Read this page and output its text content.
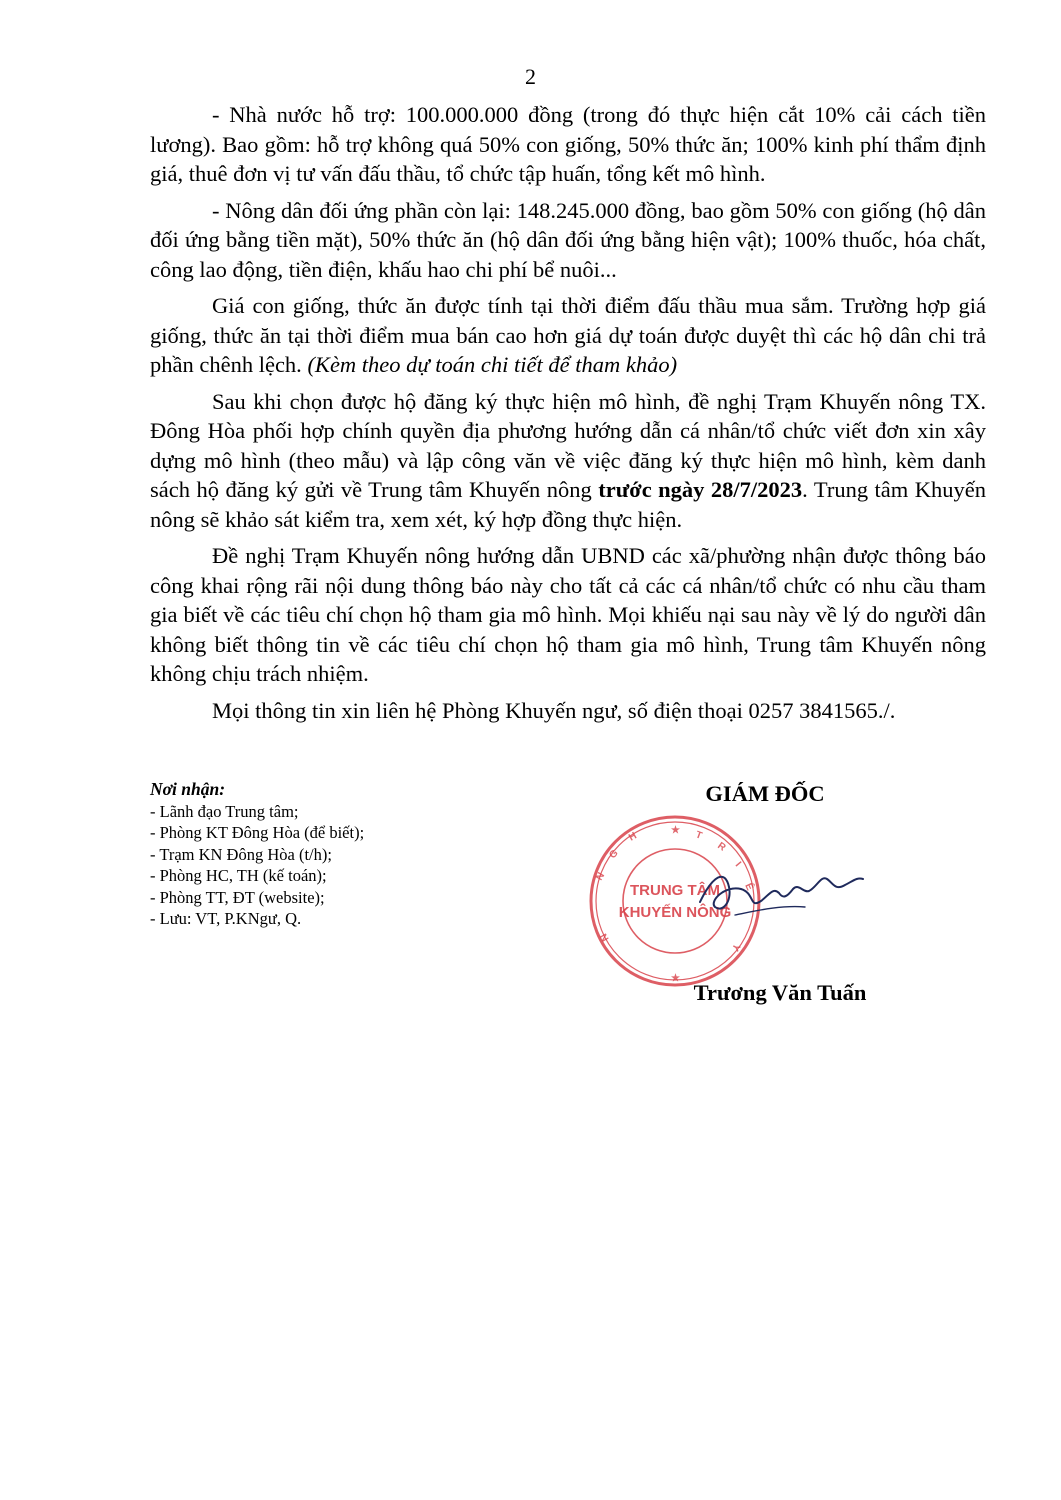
2

- Nhà nước hỗ trợ: 100.000.000 đồng (trong đó thực hiện cắt 10% cải cách tiền lương). Bao gồm: hỗ trợ không quá 50% con giống, 50% thức ăn; 100% kinh phí thẩm định giá, thuê đơn vị tư vấn đấu thầu, tổ chức tập huấn, tổng kết mô hình.

- Nông dân đối ứng phần còn lại: 148.245.000 đồng, bao gồm 50% con giống (hộ dân đối ứng bằng tiền mặt), 50% thức ăn (hộ dân đối ứng bằng hiện vật); 100% thuốc, hóa chất, công lao động, tiền điện, khấu hao chi phí bể nuôi...

Giá con giống, thức ăn được tính tại thời điểm đấu thầu mua sắm. Trường hợp giá giống, thức ăn tại thời điểm mua bán cao hơn giá dự toán được duyệt thì các hộ dân chi trả phần chênh lệch. (Kèm theo dự toán chi tiết để tham khảo)

Sau khi chọn được hộ đăng ký thực hiện mô hình, đề nghị Trạm Khuyến nông TX. Đông Hòa phối hợp chính quyền địa phương hướng dẫn cá nhân/tổ chức viết đơn xin xây dựng mô hình (theo mẫu) và lập công văn về việc đăng ký thực hiện mô hình, kèm danh sách hộ đăng ký gửi về Trung tâm Khuyến nông trước ngày 28/7/2023. Trung tâm Khuyến nông sẽ khảo sát kiểm tra, xem xét, ký hợp đồng thực hiện.

Đề nghị Trạm Khuyến nông hướng dẫn UBND các xã/phường nhận được thông báo công khai rộng rãi nội dung thông báo này cho tất cả các cá nhân/tổ chức có nhu cầu tham gia biết về các tiêu chí chọn hộ tham gia mô hình. Mọi khiếu nại sau này về lý do người dân không biết thông tin về các tiêu chí chọn hộ tham gia mô hình, Trung tâm Khuyến nông không chịu trách nhiệm.

Mọi thông tin xin liên hệ Phòng Khuyến ngư, số điện thoại 0257 3841565./.

Nơi nhận:
- Lãnh đạo Trung tâm;
- Phòng KT Đông Hòa (để biết);
- Trạm KN Đông Hòa (t/h);
- Phòng HC, TH (kế toán);
- Phòng TT, ĐT (website);
- Lưu: VT, P.KNgư, Q.
GIÁM ĐỐC
★
★
N
G
H	T
R
I
Ê
N
Y
TRUNG TÂM
KHUYẾN NÔNG
Trương Văn Tuấn
